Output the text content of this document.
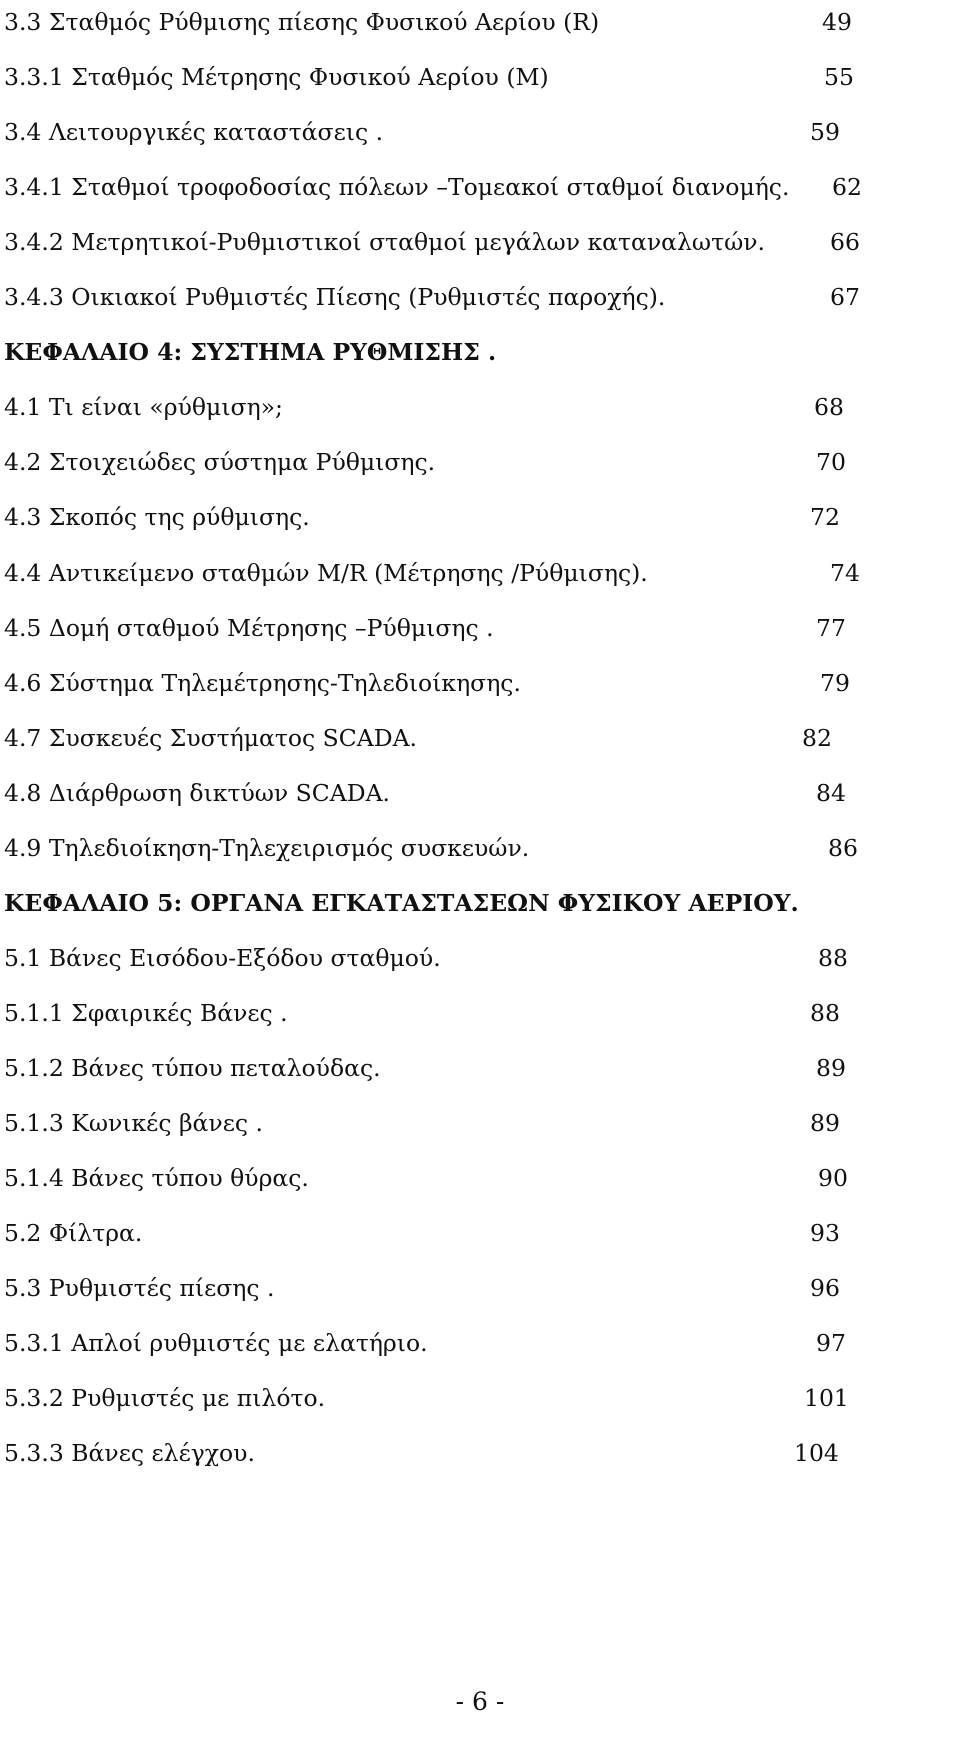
3.3 Σταθμός Ρύθμισης πίεσης Φυσικού Αερίου (R)	49
3.3.1 Σταθμός Μέτρησης Φυσικού Αερίου (Μ)	55
3.4 Λειτουργικές καταστάσεις .	59
3.4.1 Σταθμοί τροφοδοσίας πόλεων –Τομεακοί σταθμοί διανομής. 62
3.4.2 Μετρητικοί-Ρυθμιστικοί σταθμοί μεγάλων καταναλωτών.	66
3.4.3 Οικιακοί Ρυθμιστές Πίεσης (Ρυθμιστές παροχής).	67
ΚΕΦΑΛΑΙΟ 4: ΣΥΣΤΗΜΑ ΡΥΘΜΙΣΗΣ .
4.1 Τι είναι «ρύθμιση»;	68
4.2 Στοιχειώδες σύστημα Ρύθμισης.	70
4.3 Σκοπός της ρύθμισης.	72
4.4 Αντικείμενο σταθμών M/R (Μέτρησης /Ρύθμισης).	74
4.5 Δομή σταθμού Μέτρησης –Ρύθμισης .	77
4.6 Σύστημα Τηλεμέτρησης-Τηλεδιοίκησης.	79
4.7 Συσκευές Συστήματος SCADA.	82
4.8 Διάρθρωση δικτύων SCADA.	84
4.9 Τηλεδιοίκηση-Τηλεχειρισμός συσκευών.	86
ΚΕΦΑΛΑΙΟ 5: ΟΡΓΑΝΑ ΕΓΚΑΤΑΣΤΑΣΕΩΝ ΦΥΣΙΚΟΥ ΑΕΡΙΟΥ.
5.1 Βάνες Εισόδου-Εξόδου σταθμού.	88
5.1.1 Σφαιρικές Βάνες .	88
5.1.2 Βάνες τύπου πεταλούδας.	89
5.1.3 Κωνικές βάνες .	89
5.1.4 Βάνες τύπου θύρας.	90
5.2 Φίλτρα.	93
5.3 Ρυθμιστές πίεσης .	96
5.3.1 Απλοί ρυθμιστές με ελατήριο.	97
5.3.2 Ρυθμιστές με πιλότο.	101
5.3.3 Βάνες ελέγχου.	104
- 6 -
